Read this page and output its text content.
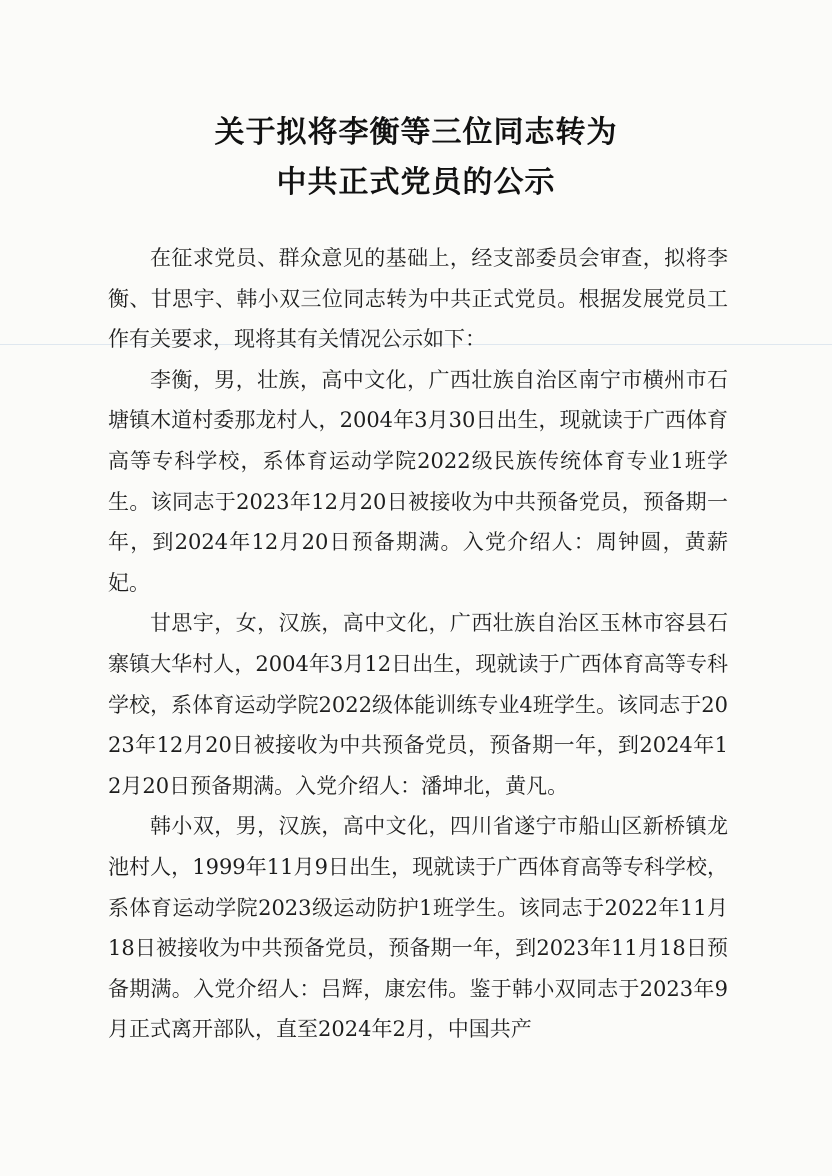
关于拟将李衡等三位同志转为
中共正式党员的公示

在征求党员、群众意见的基础上，经支部委员会审查，拟将李衡、甘思宇、韩小双三位同志转为中共正式党员。根据发展党员工作有关要求，现将其有关情况公示如下：

李衡，男，壮族，高中文化，广西壮族自治区南宁市横州市石塘镇木道村委那龙村人，2004年3月30日出生，现就读于广西体育高等专科学校，系体育运动学院2022级民族传统体育专业1班学生。该同志于2023年12月20日被接收为中共预备党员，预备期一年，到2024年12月20日预备期满。入党介绍人：周钟圆，黄薪妃。

甘思宇，女，汉族，高中文化，广西壮族自治区玉林市容县石寨镇大华村人，2004年3月12日出生，现就读于广西体育高等专科学校，系体育运动学院2022级体能训练专业4班学生。该同志于2023年12月20日被接收为中共预备党员，预备期一年，到2024年12月20日预备期满。入党介绍人：潘坤北，黄凡。

韩小双，男，汉族，高中文化，四川省遂宁市船山区新桥镇龙池村人，1999年11月9日出生，现就读于广西体育高等专科学校，系体育运动学院2023级运动防护1班学生。该同志于2022年11月18日被接收为中共预备党员，预备期一年，到2023年11月18日预备期满。入党介绍人：吕辉，康宏伟。鉴于韩小双同志于2023年9月正式离开部队，直至2024年2月，中国共产
